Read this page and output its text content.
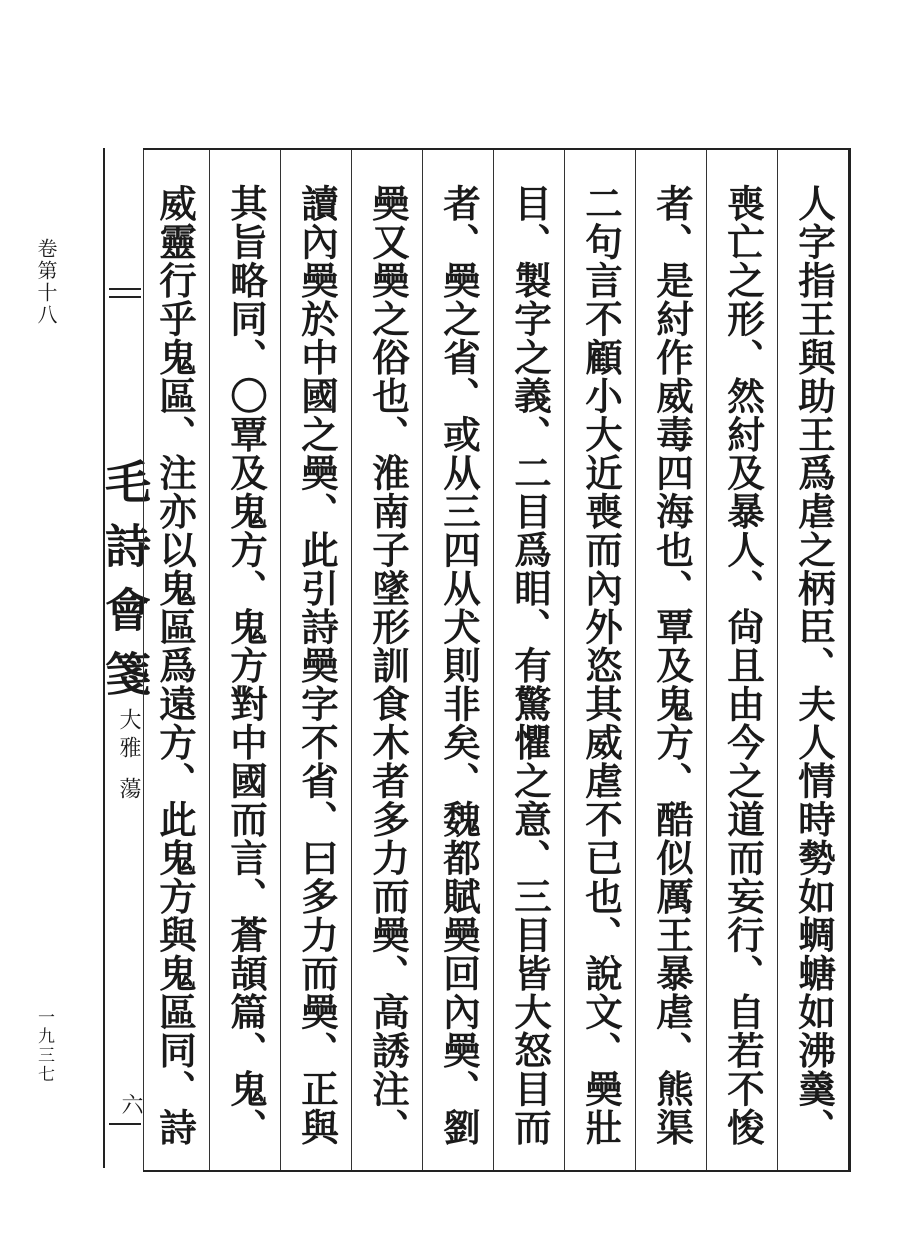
卷第十八
一九三七
毛詩會箋
大雅 蕩
六
人字指王與助王爲虐之柄臣、夫人情時勢如蜩螗如沸羹、
喪亡之形、然紂及暴人、尙且由今之道而妄行、自若不悛
者、是紂作威毒四海也、覃及鬼方、酷似厲王暴虐、熊渠
二句言不顧小大近喪而內外恣其威虐不已也、說文、奰壯
目、製字之義、二目爲䀠、有驚懼之意、三目皆大怒目而
者、奰之省、或从三四从犬則非矣、魏都賦奰回內奰、劉
奰又奰之俗也、淮南子墜形訓食木者多力而奰、高誘注、
讀內奰於中國之奰、此引詩奰字不省、曰多力而奰、正與
其旨略同、〇覃及鬼方、鬼方對中國而言、蒼頡篇、鬼、
威靈行乎鬼區、注亦以鬼區爲遠方、此鬼方與鬼區同、詩
